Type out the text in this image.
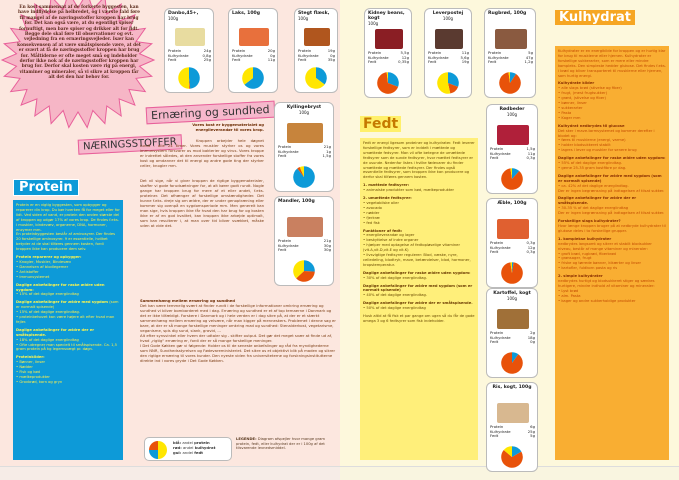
En kost sammensat af de forkerte byggesten, kan have indflydelse på helbredet, og i værste fald føre til mangel af de næringsstoffer kroppen har brug for. Det kan også være, at du egentligt spiser fornuftigt, men bare spiser og drikker alt for lidt. Begge dele skal føre til observationer og evt. vejledning fra en ernæringsvejleder. Især kan konsekvensen af at være småtspisende være, at det er svært at få de næringsstoffer kroppen har brug for. Måltiderne er ofte meget små og indeholder derfor ikke nok af de næringsstoffer kroppen har brug for. Derfor skal kosten være rig på energi, vitaminer og mineraler, så vi sikre at kroppen får alt det den har behov for.
Ernæring og sundhed
NÆRINGSSTOFFER
Protein
Protein er en vigtig byggesten, som opbygger og reparerer din krop. Du bør hverken få for meget eller for lidt. Ved siden af vand, er protein den anden største del af kroppen og udgør 17% af vores krop. De findes f.eks. i muskler, bindevæv, organerne, DNA, hormoner, enzymer mm.
En proteinbyggesten består af aminosyrer. Der findes 20 forskellige aminosyrer. 9 er essentielle, hvilket betyder at de skal tilføres gennem kosten, fordi kroppen ikke kan producere dem selv.
Protein reparerer og opbygger:
• Knogler, Muskler, Bindevæv
• Dannelsen af blodlegemer
• Antistoffer
• Immunsystemet
Daglige anbefalinger for raske ældre uden sygdom:
• 15% af det daglige energiindtag
Daglige anbefalinger for ældre med sygdom (som er normalt spisende)
• 15% af det daglige energiindtag.
• proteinbehovet kan være højere alt efter hvad man fejler.
Daglige anbefalinger for ældre der er småtspisende.
• 18% af det daglige energiindtag
• Ofte udregner man specielt til småtspisende. Ca. 1,5 gram protein på kg legemsvægt pr. døgn.
Proteinkilder:
• Bønner, linser
• Nødder
• Fisk og kød
• mælkeprodukter
• Grovbrød, korn og gryn
Vores kost er byggematerialet og energileverandør til vores krop.
Kroppen arbejder hele døgnet rundt - alle 24 timer. Vores muskler styrker os og vores immunsystem forsvarer os mod bakterier og virus. Vores kroppe er indrettet således, at den anvender forskellige stoffer fra vores kost og omdanner det til energi og andre gode ting der styrker celler, knogler mm.
Det vil sige, når vi giver kroppen de rigtige byggematerialer, skaffer vi gode forudsætninger for, at alt kører godt rundt. Nogle gange har kroppen brug for mere af et eller andet, f.eks. proteiner. Det afhænger af forskellige omstændigheder. Det kunne f.eks. dreje sig om ældre, der er under genoptræning eller kommer sig ovenpå en sygdomsperiode mm. Men generelt kan man sige, hvis kroppen ikke får hvad den har brug for og kosten ikke er af en god kvalitet, kan kroppen ikke arbejde optimalt, som kan resulterer i, at man over tid bliver svækket, måske uden at vide det.
Sammenhæng mellem ernæring og sundhed
Det kan være temmelig svært at finder rundt i de forskellige informationer omkring ernæring og sundhed vi bliver bombarderet med i dag. Ernæring og sundhed er et af top temaerne i Danmark og det er ikke tilfældigt. Forskere i Danmark og i hele verden er i dag sikre på, at der er et stærkt sammenhæng mellem ernæring og velvære, når man kigger på menneskers. Problemet i denne sag er bare, at der er så mange forskellige meninger omkring mad og sundhed: Stenalderkost, vegetarisme, veganisme, spis dig sund, slank, gravid, ...
Alt efter synsvinkel eller hvem der udtaler sig - skifter output. Det gør det meget svær at finde ud af, hvad „rigtig" ernæring er, fordi der er så mange forskellige meninger.
I Det Gode Køkken gør vi følgende: Holder os til de seneste anbefalinger og råd fra myndighederne som NNR, Sundhedsstyrelsen og Fødevareministeriet. Det sikre os et objektivt blik på maden og sikrer den rigtige ernæring til vores kunder. Den nyeste viden fra universiteterne og forskningsinstitutterne direkte ind i vores gryde i Det Gode Køkken.
blå: andel protein
rød: andel kulhydrat
gul: andel fedt
LEGENDE: Diagram afspejler hvor mange gram protein, fedt, eller kulhydrat der er i 100g af det tilsvarende levnedsmiddel.
Fedt
Fedt er energi ligesom proteiner og kulhydrater. Fedt leverer forskellige fedtsyrer, som er inddelt i mættede og umættede fedsyrer. Man vil ofte betegne de umættede fedtsyrer som de sunde fedtsyrer, hvor mættet fedtsyrer er de usunde. Nedenfor listes i hvilke fødevarer du finder umættede og mættede fedtsyrer. Der findes også essentielle fedtsyrer, som kroppen ikke kan producere og derfor skal tilføres gennem kosten.
1. mættede fedtsyrer:
• animalske produkter som kød, mælkeprodukter
2. umættede fedtsyrer:
• vegetabilske olier
• avocado
• nødder
• fjerkræ
• fed fisk
Funktioner af fedt:
• energileverandør og lager
• beskyttelse af indre organer
• hjælper med optagelse af fedtopløselige vitaminer (vit.A,vit.D,vit.E og vit.K)
• livsvigtige fedtsyrer regulerer: Blod, væske, nyre, celledeling, blodtryk, mave, betændelser, blod, hormoner, kropstemperatur.
Daglige anbefalinger for raske ældre uden sygdom:
• 30% af det daglige energiindtag.
Daglige anbefalinger for ældre med sygdom (som er normalt spisende)
• 40% af det daglige energiindtag.
Daglige anbefalinger for ældre der er småtspisende.
• 50% af det daglige energiindtag
Husk altid at få fisk et par gange om ugen så du får de gode omega 3 og 6 fedtsyrer som fisk indeholder.
Kulhydrat
Kulhydrater er en energikilde for kroppen og er hurtig klar for brug til musklerne eller hjernen. Kulhydrater er forskellige sukkerarter, som er mere eller mindre kompleks. Den simpleste hedder glukose. Det findes f.eks. i brød og bliver transporteret til musklerne eller hjernen, som hurtig energi.
Kulhydrate kilder
• alle slags brød (stivelse og fiber)
• frugt, (mest frugtsukker)
• grønt, (stivelse og fiber)
• bønner, linser
• sukkerarter
• Pasta
• Kager mm
Kulhydrat nedbrydes til glucose
Det sker i mave-tarmsystemet og kommer derefter i blodet og:
• føres til musklerne (energi, varme)
• holder blodsukkeret stabilt
• lagres i lever og muskler for senere brug
Daglige anbefalinger for raske ældre uden sygdom:
• 55% af det daglige energiindtag.
• gerne 25-35 gram kostfibre pr dag.
Daglige anbefalinger for ældre med sygdom (som er normalt spisende)
• ca. 42% af det daglige energiindtag.
Der er ingen begrænsning på indtagelsen af tilsat sukker.
Daglige anbefalinger for ældre der er småtspisende.
• 30-35 % af det daglige energiindtag
Der er ingen begrænsning på indtagelsen af tilsat sukker.
Forskellige slags kulhydrater?
Hvor længe kroppen bruger på at nedbryde kulhydrater til glukose deles i to forskellige grupper.
1. komplekse kulhydrater
nedbrydes langsomt og sikrer et stabilt blodsukker niveau, består af mange vitaminer og mineraler:
• groft brød, rugbrød, fiberbrød
• grønsager, frugt
• friske og tørrede bønner, kikærter og linser
• kartofler, fuldkorn pasta og ris
2. simple kulhydrater
nedbrydes hurtigt og blodsukkeret stiger og sænkes hurtigere, mindre indhold af vitaminer og mineraler:
• Lyst brød
• alm. Pasta
• kager og andre sukkerholdige produkter
Danbo,45+,
100g
Protein	24g
Kulhydrate	0,8g
Fedt	25g
Laks, 100g
Protein	20g
Kulhydrate	0g
Fedt	11g
Stegt flæsk,
100g
Protein	19g
Kulhydrate	0g
Fedt	35g
Kyllingebryst
100g
Protein	21g
Kulhydrate	1g
Fedt	1,5g
Mandler, 100g
Protein	21g
Kulhydrate	30g
Fedt	30g
Kidney beans, kogt
100g
Protein	5,5g
Kulhydrate	12g
Fedt	0,35g
Leverpostej
100g
Protein	11g
Kulhydrate	5,6g
Fedt	19g
Rugbrød, 100g
Protein	5g
Kulhydrate	47g
Fedt	1,2g
Rødbeder
100g
Protein	1,5g
Kulhydrate	11g
Fedt	0,3g
Æble, 100g
Protein	0,3g
Kulhydrate	12g
Fedt	0,3g
Kartoffel, kogt
100g
Protein	2g
Kulhydrate	18g
Fedt	0g
Ris, kogt, 100g
Protein	6g
Kulhydrate	25g
Fedt	5g
